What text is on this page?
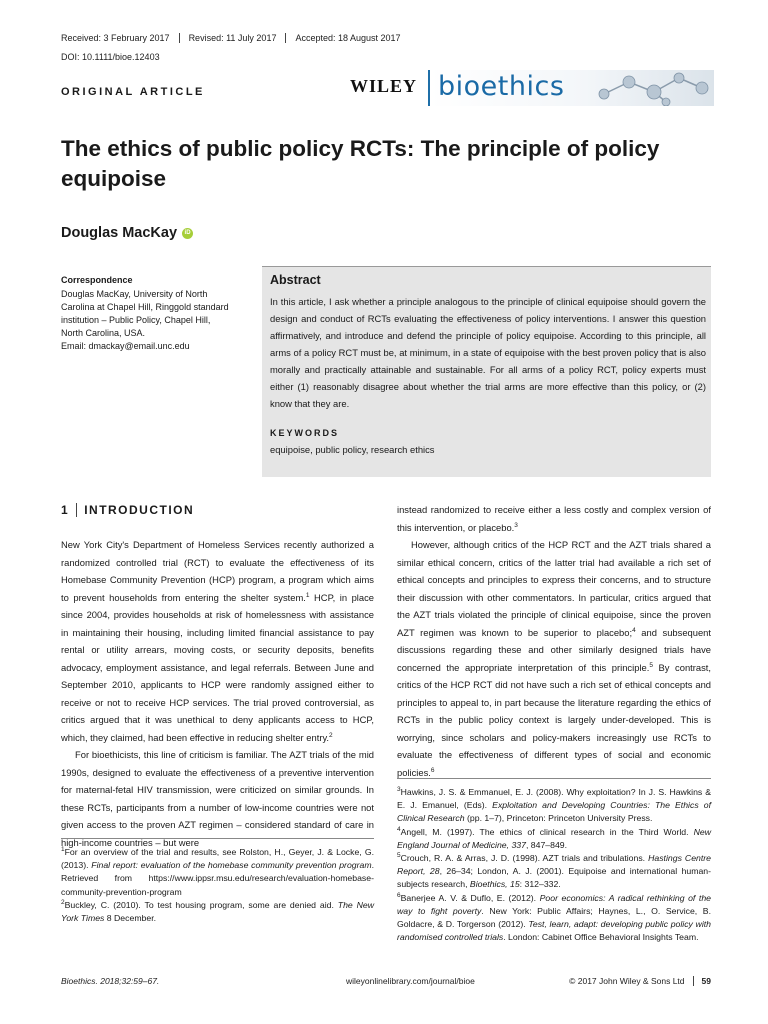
Received: 3 February 2017	Revised: 11 July 2017	Accepted: 18 August 2017
DOI: 10.1111/bioe.12403
ORIGINAL ARTICLE	WILEY bioethics
The ethics of public policy RCTs: The principle of policy equipoise
Douglas MacKay	iD
Correspondence
Douglas MacKay, University of North
Carolina at Chapel Hill, Ringgold standard
institution – Public Policy, Chapel Hill,
North Carolina, USA.
Email: dmackay@email.unc.edu
Abstract
In this article, I ask whether a principle analogous to the principle of clinical equipoise should govern the design and conduct of RCTs evaluating the effectiveness of policy interventions. I answer this question affirmatively, and introduce and defend the principle of policy equipoise. According to this principle, all arms of a policy RCT must be, at minimum, in a state of equipoise with the best proven policy that is also morally and practically attainable and sustainable. For all arms of a policy RCT, policy experts must either (1) reasonably disagree about whether the trial arms are more effective than this policy, or (2) know that they are.
KEYWORDS
equipoise, public policy, research ethics
1	INTRODUCTION

New York City's Department of Homeless Services recently authorized a randomized controlled trial (RCT) to evaluate the effectiveness of its Homebase Community Prevention (HCP) program, a program which aims to prevent households from entering the shelter system.$^1$ HCP, in place since 2004, provides households at risk of homelessness with assistance in maintaining their housing, including limited financial assistance to pay rental or utility arrears, moving costs, or security deposits, benefits advocacy, employment assistance, and legal referrals. Between June and September 2010, applicants to HCP were randomly assigned either to receive or not to receive HCP services. The trial proved controversial, as critics argued that it was unethical to deny applicants access to HCP, which, they claimed, had been effective in reducing shelter entry.$^2$

For bioethicists, this line of criticism is familiar. The AZT trials of the mid 1990s, designed to evaluate the effectiveness of a preventive intervention for maternal-fetal HIV transmission, were criticized on similar grounds. In these RCTs, participants from a number of low-income countries were not given access to the proven AZT regimen – considered standard of care in high-income countries – but were

instead randomized to receive either a less costly and complex version of this intervention, or placebo.$^3$

However, although critics of the HCP RCT and the AZT trials shared a similar ethical concern, critics of the latter trial had available a rich set of ethical concepts and principles to express their concerns, and to structure their discussion with other commentators. In particular, critics argued that the AZT trials violated the principle of clinical equipoise, since the proven AZT regimen was known to be superior to placebo;$^4$ and subsequent discussions regarding these and other similarly designed trials have concerned the appropriate interpretation of this principle.$^5$ By contrast, critics of the HCP RCT did not have such a rich set of ethical concepts and principles to appeal to, in part because the literature regarding the ethics of RCTs in the public policy context is largely under-developed. This is worrying, since scholars and policy-makers increasingly use RCTs to evaluate the effectiveness of different types of social and economic policies.$^6$

$^1$For an overview of the trial and results, see Rolston, H., Geyer, J. & Locke, G. (2013). Final report: evaluation of the homebase community prevention program. Retrieved from https://www.ippsr.msu.edu/research/evaluation-homebase-community-prevention-program
$^2$Buckley, C. (2010). To test housing program, some are denied aid. The New York Times 8 December.
$^3$Hawkins, J. S. & Emmanuel, E. J. (2008). Why exploitation? In J. S. Hawkins & E. J. Emanuel, (Eds). Exploitation and Developing Countries: The Ethics of Clinical Research (pp. 1–7), Princeton: Princeton University Press.
$^4$Angell, M. (1997). The ethics of clinical research in the Third World. New England Journal of Medicine, 337, 847–849.
$^5$Crouch, R. A. & Arras, J. D. (1998). AZT trials and tribulations. Hastings Centre Report, 28, 26–34; London, A. J. (2001). Equipoise and international human-subjects research, Bioethics, 15: 312–332.
$^6$Banerjee A. V. & Duflo, E. (2012). Poor economics: A radical rethinking of the way to fight poverty. New York: Public Affairs; Haynes, L., O. Service, B. Goldacre, & D. Torgerson (2012). Test, learn, adapt: developing public policy with randomised controlled trials. London: Cabinet Office Behavioral Insights Team.
Bioethics. 2018;32:59–67.	wileyonlinelibrary.com/journal/bioe	© 2017 John Wiley & Sons Ltd	59
